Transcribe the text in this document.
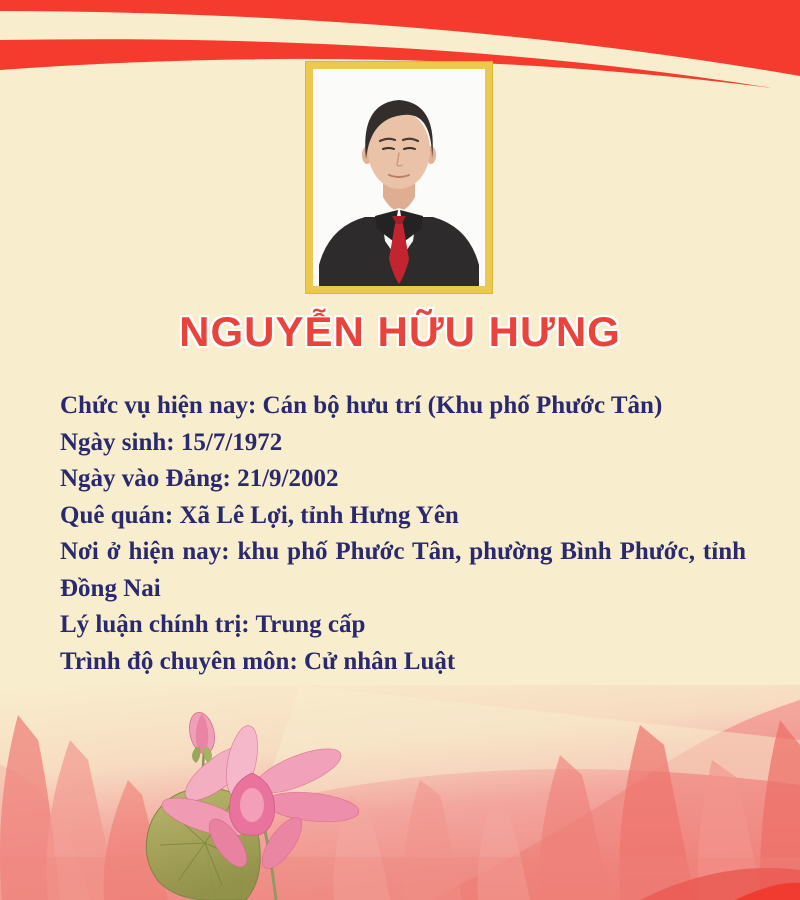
NGUYỄN HỮU HƯNG

Chức vụ hiện nay: Cán bộ hưu trí (Khu phố Phước Tân)

Ngày sinh: 15/7/1972

Ngày vào Đảng: 21/9/2002

Quê quán: Xã Lê Lợi, tỉnh Hưng Yên

Nơi ở hiện nay: khu phố Phước Tân, phường Bình Phước, tỉnh Đồng Nai

Lý luận chính trị: Trung cấp

Trình độ chuyên môn: Cử nhân Luật
